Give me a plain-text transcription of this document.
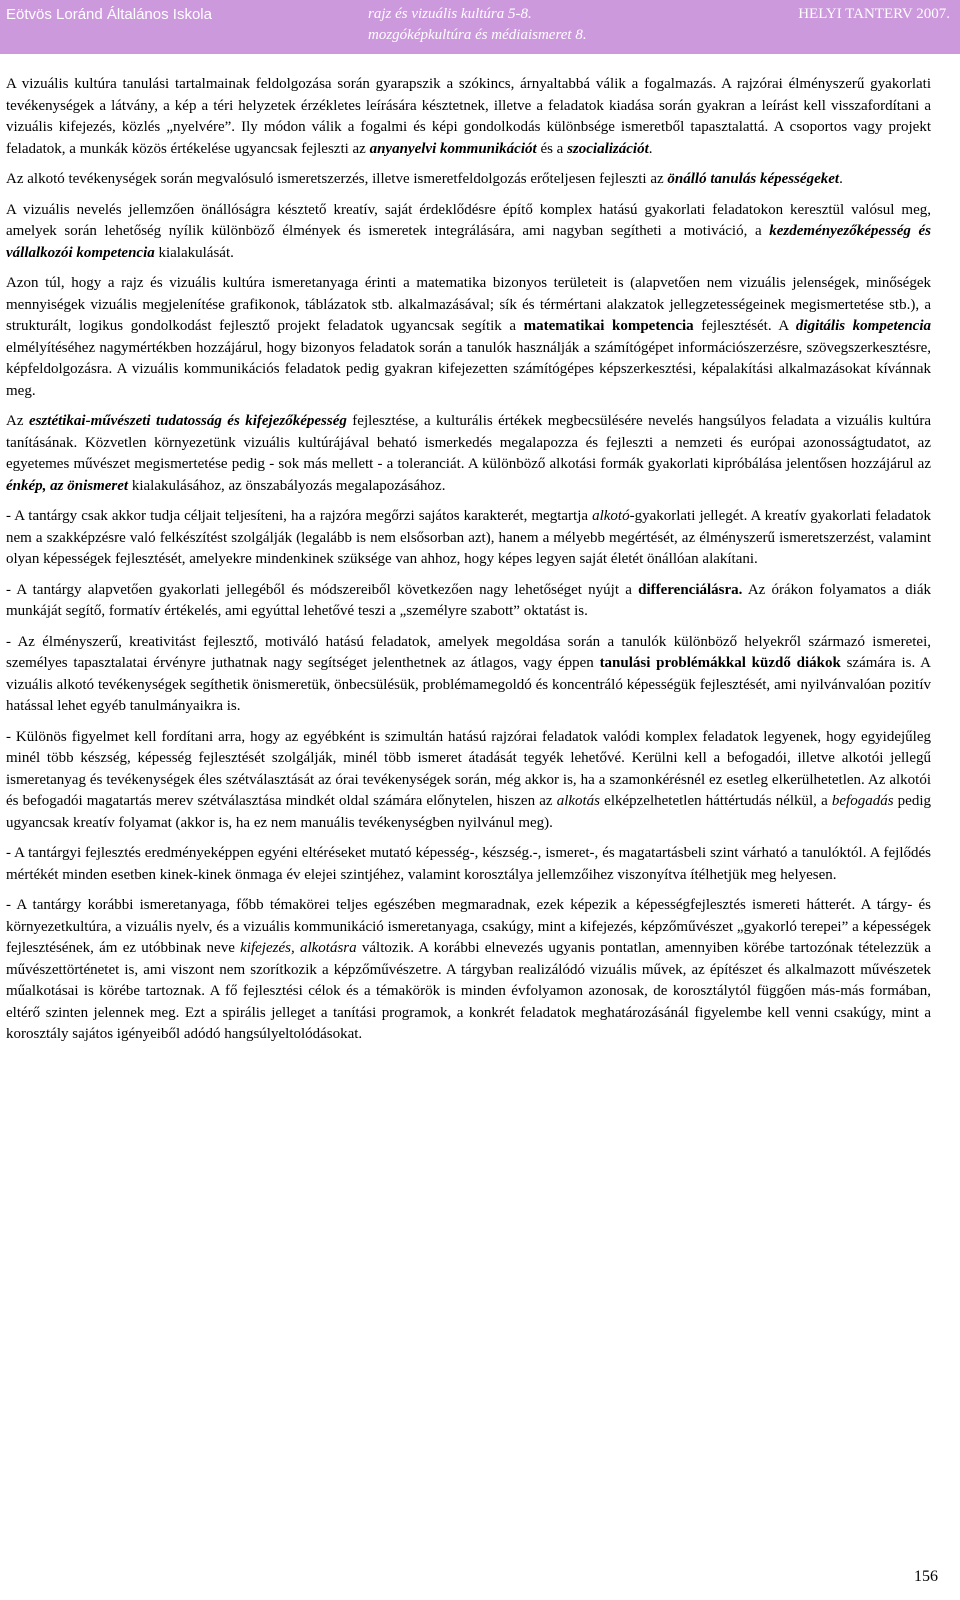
Eötvös Loránd Általános Iskola	rajz és vizuális kultúra 5-8.
mozgóképkultúra és médiaismeret 8.
HELYI TANTERV 2007.

A vizuális kultúra tanulási tartalmainak feldolgozása során gyarapszik a szókincs, árnyaltabbá válik a fogalmazás. A rajzórai élményszerű gyakorlati tevékenységek a látvány, a kép a téri helyzetek érzékletes leírására késztetnek, illetve a feladatok kiadása során gyakran a leírást kell visszafordítani a vizuális kifejezés, közlés „nyelvére”. Ily módon válik a fogalmi és képi gondolkodás különbsége ismeretből tapasztalattá. A csoportos vagy projekt feladatok, a munkák közös értékelése ugyancsak fejleszti az anyanyelvi kommunikációt és a szocializációt.

Az alkotó tevékenységek során megvalósuló ismeretszerzés, illetve ismeretfeldolgozás erőteljesen fejleszti az önálló tanulás képességeket.

A vizuális nevelés jellemzően önállóságra késztető kreatív, saját érdeklődésre építő komplex hatású gyakorlati feladatokon keresztül valósul meg, amelyek során lehetőség nyílik különböző élmények és ismeretek integrálására, ami nagyban segítheti a motiváció, a kezdeményezőképesség és vállalkozói kompetencia kialakulását.

Azon túl, hogy a rajz és vizuális kultúra ismeretanyaga érinti a matematika bizonyos területeit is (alapvetően nem vizuális jelenségek, minőségek mennyiségek vizuális megjelenítése grafikonok, táblázatok stb. alkalmazásával; sík és térmértani alakzatok jellegzetességeinek megismertetése stb.), a strukturált, logikus gondolkodást fejlesztő projekt feladatok ugyancsak segítik a matematikai kompetencia fejlesztését. A digitális kompetencia elmélyítéséhez nagymértékben hozzájárul, hogy bizonyos feladatok során a tanulók használják a számítógépet információszerzésre, szövegszerkesztésre, képfeldolgozásra. A vizuális kommunikációs feladatok pedig gyakran kifejezetten számítógépes képszerkesztési, képalakítási alkalmazásokat kívánnak meg.

Az esztétikai-művészeti tudatosság és kifejezőképesség fejlesztése, a kulturális értékek megbecsülésére nevelés hangsúlyos feladata a vizuális kultúra tanításának. Közvetlen környezetünk vizuális kultúrájával beható ismerkedés megalapozza és fejleszti a nemzeti és európai azonosságtudatot, az egyetemes művészet megismertetése pedig - sok más mellett - a toleranciát. A különböző alkotási formák gyakorlati kipróbálása jelentősen hozzájárul az énkép, az önismeret kialakulásához, az önszabályozás megalapozásához.

- A tantárgy csak akkor tudja céljait teljesíteni, ha a rajzóra megőrzi sajátos karakterét, megtartja alkotó-gyakorlati jellegét. A kreatív gyakorlati feladatok nem a szakképzésre való felkészítést szolgálják (legalább is nem elsősorban azt), hanem a mélyebb megértését, az élményszerű ismeretszerzést, valamint olyan képességek fejlesztését, amelyekre mindenkinek szüksége van ahhoz, hogy képes legyen saját életét önállóan alakítani.

- A tantárgy alapvetően gyakorlati jellegéből és módszereiből következően nagy lehetőséget nyújt a differenciálásra. Az órákon folyamatos a diák munkáját segítő, formatív értékelés, ami egyúttal lehetővé teszi a „személyre szabott” oktatást is.

- Az élményszerű, kreativitást fejlesztő, motiváló hatású feladatok, amelyek megoldása során a tanulók különböző helyekről származó ismeretei, személyes tapasztalatai érvényre juthatnak nagy segítséget jelenthetnek az átlagos, vagy éppen tanulási problémákkal küzdő diákok számára is. A vizuális alkotó tevékenységek segíthetik önismeretük, önbecsülésük, problémamegoldó és koncentráló képességük fejlesztését, ami nyilvánvalóan pozitív hatással lehet egyéb tanulmányaikra is.

- Különös figyelmet kell fordítani arra, hogy az egyébként is szimultán hatású rajzórai feladatok valódi komplex feladatok legyenek, hogy egyidejűleg minél több készség, képesség fejlesztését szolgálják, minél több ismeret átadását tegyék lehetővé. Kerülni kell a befogadói, illetve alkotói jellegű ismeretanyag és tevékenységek éles szétválasztását az órai tevékenységek során, még akkor is, ha a szamonkérésnél ez esetleg elkerülhetetlen. Az alkotói és befogadói magatartás merev szétválasztása mindkét oldal számára előnytelen, hiszen az alkotás elképzelhetetlen háttértudás nélkül, a befogadás pedig ugyancsak kreatív folyamat (akkor is, ha ez nem manuális tevékenységben nyilvánul meg).

- A tantárgyi fejlesztés eredményeképpen egyéni eltéréseket mutató képesség-, készség.-, ismeret-, és magatartásbeli szint várható a tanulóktól. A fejlődés mértékét minden esetben kinek-kinek önmaga év elejei szintjéhez, valamint korosztálya jellemzőihez viszonyítva ítélhetjük meg helyesen.

- A tantárgy korábbi ismeretanyaga, főbb témakörei teljes egészében megmaradnak, ezek képezik a képességfejlesztés ismereti hátterét. A tárgy- és környezetkultúra, a vizuális nyelv, és a vizuális kommunikáció ismeretanyaga, csakúgy, mint a kifejezés, képzőművészet „gyakorló terepei” a képességek fejlesztésének, ám ez utóbbinak neve kifejezés, alkotásra változik. A korábbi elnevezés ugyanis pontatlan, amennyiben körébe tartozónak tételezzük a művészettörténetet is, ami viszont nem szorítkozik a képzőművészetre. A tárgyban realizálódó vizuális művek, az építészet és alkalmazott művészetek műalkotásai is körébe tartoznak. A fő fejlesztési célok és a témakörök is minden évfolyamon azonosak, de korosztálytól függően más-más formában, eltérő szinten jelennek meg. Ezt a spirális jelleget a tanítási programok, a konkrét feladatok meghatározásánál figyelembe kell venni csakúgy, mint a korosztály sajátos igényeiből adódó hangsúlyeltolódásokat.

156
